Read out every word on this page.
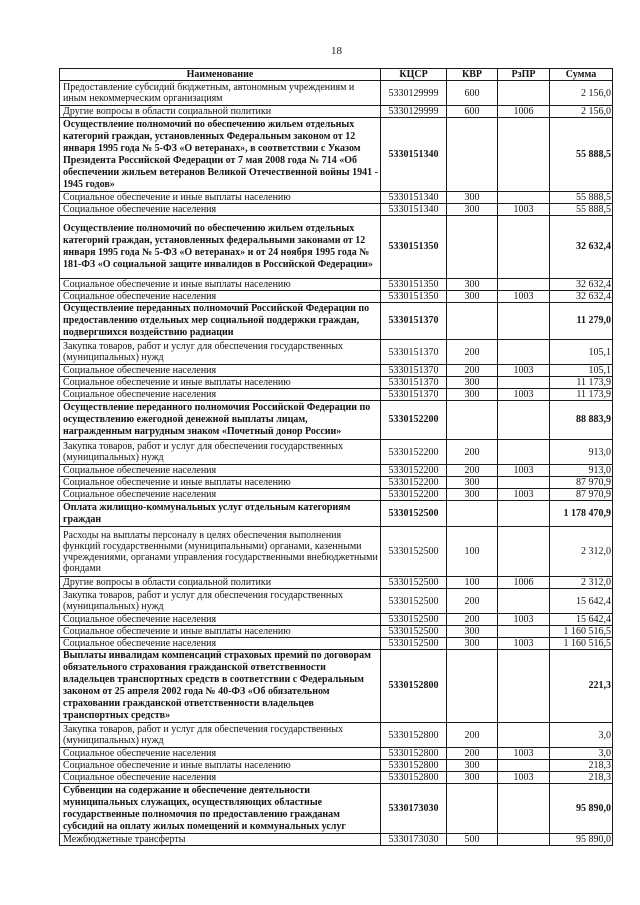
18
Наименование	КЦСР	КВР	РзПР	Сумма
Предоставление субсидий бюджетным, автономным учреждениям и иным некоммерческим организациям	5330129999	600		2 156,0
Другие вопросы в области социальной политики	5330129999	600	1006	2 156,0
Осуществление полномочий по обеспечению жильем отдельных категорий граждан, установленных Федеральным законом от 12 января 1995 года № 5-ФЗ «О ветеранах», в соответствии с Указом Президента Российской Федерации от 7 мая 2008 года № 714 «Об обеспечении жильем ветеранов Великой Отечественной войны 1941 - 1945 годов»	5330151340			55 888,5
Социальное обеспечение и иные выплаты населению	5330151340	300		55 888,5
Социальное обеспечение населения	5330151340	300	1003	55 888,5
Осуществление полномочий по обеспечению жильем отдельных категорий граждан, установленных федеральными законами от 12 января 1995 года № 5-ФЗ «О ветеранах» и от 24 ноября 1995 года № 181-ФЗ «О социальной защите инвалидов в Российской Федерации»	5330151350			32 632,4
Социальное обеспечение и иные выплаты населению	5330151350	300		32 632,4
Социальное обеспечение населения	5330151350	300	1003	32 632,4
Осуществление переданных полномочий Российской Федерации по предоставлению отдельных мер социальной поддержки граждан, подвергшихся воздействию радиации	5330151370			11 279,0
Закупка товаров, работ и услуг для обеспечения государственных (муниципальных) нужд	5330151370	200		105,1
Социальное обеспечение населения	5330151370	200	1003	105,1
Социальное обеспечение и иные выплаты населению	5330151370	300		11 173,9
Социальное обеспечение населения	5330151370	300	1003	11 173,9
Осуществление переданного полномочия Российской Федерации по осуществлению ежегодной денежной выплаты лицам, награжденным нагрудным знаком «Почетный донор России»	5330152200			88 883,9
Закупка товаров, работ и услуг для обеспечения государственных (муниципальных) нужд	5330152200	200		913,0
Социальное обеспечение населения	5330152200	200	1003	913,0
Социальное обеспечение и иные выплаты населению	5330152200	300		87 970,9
Социальное обеспечение населения	5330152200	300	1003	87 970,9
Оплата жилищно-коммунальных услуг отдельным категориям граждан	5330152500			1 178 470,9
Расходы на выплаты персоналу в целях обеспечения выполнения функций государственными (муниципальными) органами, казенными учреждениями, органами управления государственными внебюджетными фондами	5330152500	100		2 312,0
Другие вопросы в области социальной политики	5330152500	100	1006	2 312,0
Закупка товаров, работ и услуг для обеспечения государственных (муниципальных) нужд	5330152500	200		15 642,4
Социальное обеспечение населения	5330152500	200	1003	15 642,4
Социальное обеспечение и иные выплаты населению	5330152500	300		1 160 516,5
Социальное обеспечение населения	5330152500	300	1003	1 160 516,5
Выплаты инвалидам компенсаций страховых премий по договорам обязательного страхования гражданской ответственности владельцев транспортных средств в соответствии с Федеральным законом от 25 апреля 2002 года № 40-ФЗ «Об обязательном страховании гражданской ответственности владельцев транспортных средств»	5330152800			221,3
Закупка товаров, работ и услуг для обеспечения государственных (муниципальных) нужд	5330152800	200		3,0
Социальное обеспечение населения	5330152800	200	1003	3,0
Социальное обеспечение и иные выплаты населению	5330152800	300		218,3
Социальное обеспечение населения	5330152800	300	1003	218,3
Субвенции на содержание и обеспечение деятельности муниципальных служащих, осуществляющих областные государственные полномочия по предоставлению гражданам субсидий на оплату жилых помещений и коммунальных услуг	5330173030			95 890,0
Межбюджетные трансферты	5330173030	500		95 890,0
